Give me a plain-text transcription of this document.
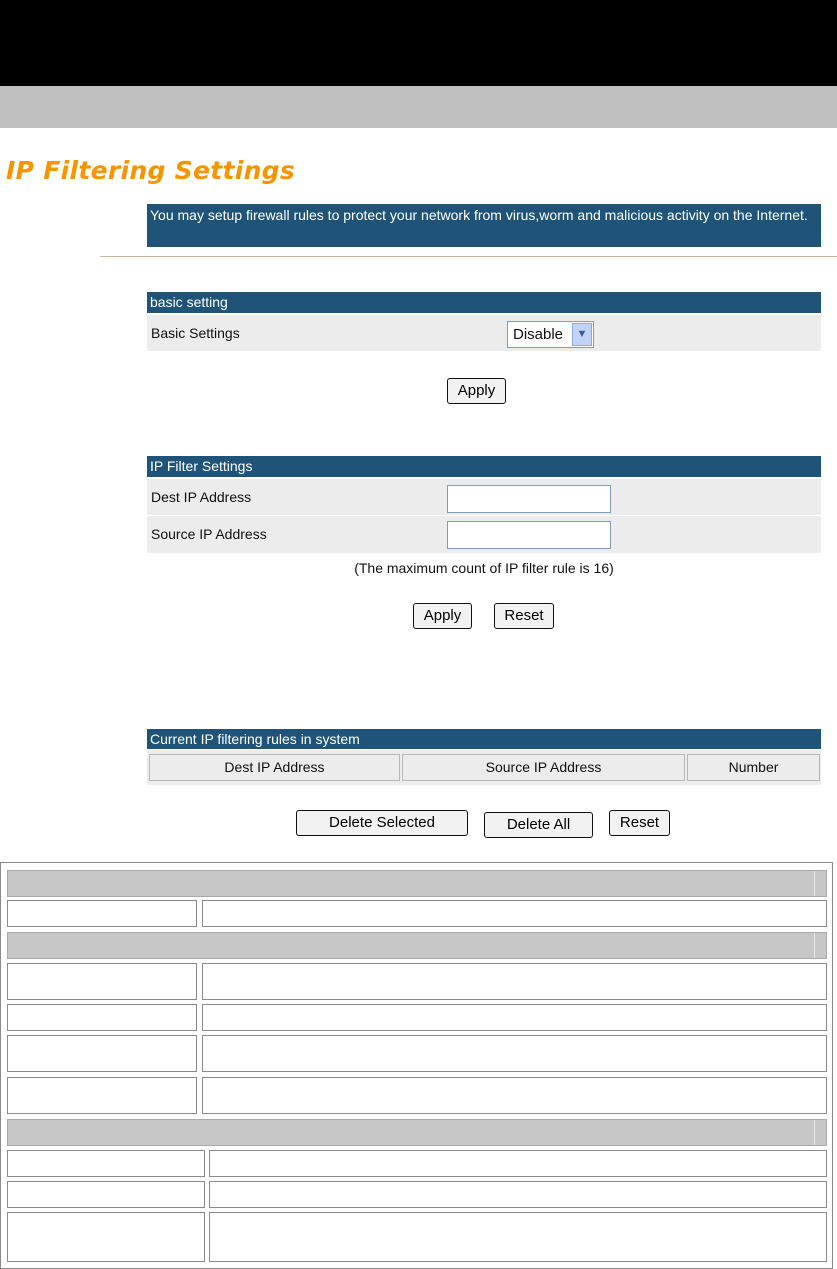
IP Filtering Settings
You may setup firewall rules to protect your network from virus,worm and malicious activity on the Internet.
basic setting
Basic Settings	Disable	▼
Apply
IP Filter Settings
Dest IP Address
Source IP Address
(The maximum count of IP filter rule is 16)
Apply	Reset
Current IP filtering rules in system
Dest IP Address	Source IP Address	Number
Delete Selected	Delete All	Reset
